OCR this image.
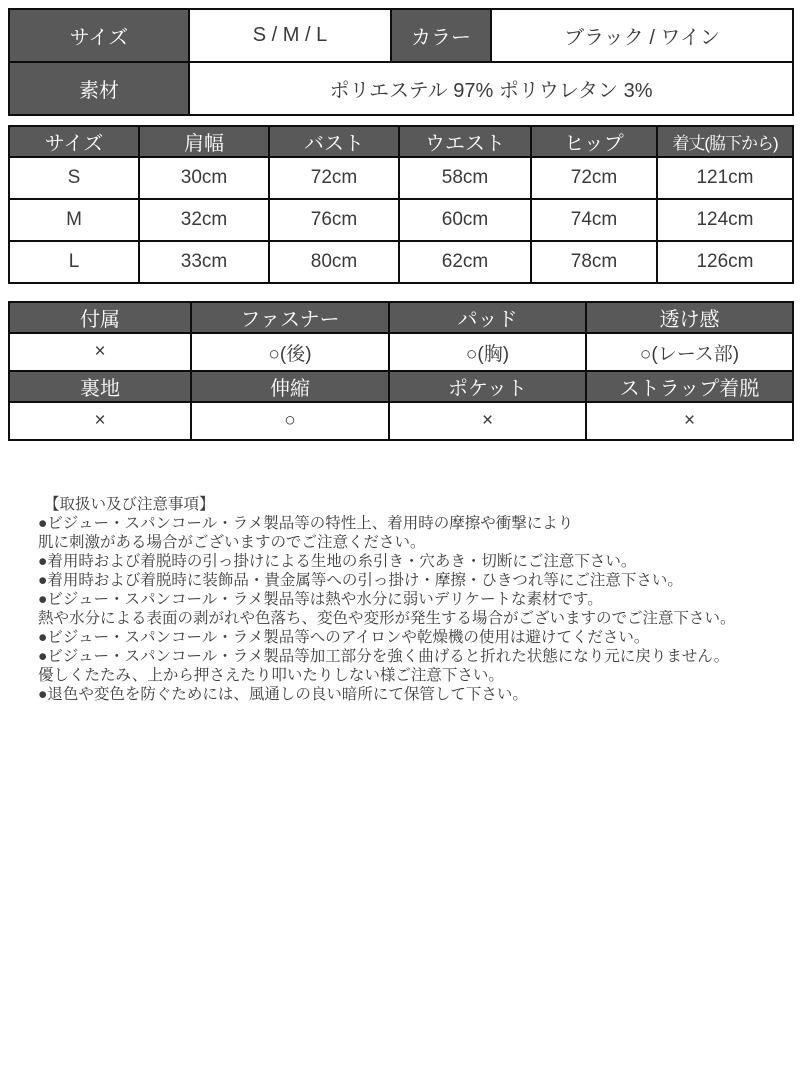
サイズ	S / M / L	カラー	ブラック / ワイン
素材	ポリエステル 97% ポリウレタン 3%		
サイズ	肩幅	バスト	ウエスト	ヒップ	着丈(脇下から)
S	30cm	72cm	58cm	72cm	121cm
M	32cm	76cm	60cm	74cm	124cm
L	33cm	80cm	62cm	78cm	126cm
付属	ファスナー	パッド	透け感
×	○(後)	○(胸)	○(レース部)
裏地	伸縮	ポケット	ストラップ着脱
×	○	×	×
【取扱い及び注意事項】
●ビジュー・スパンコール・ラメ製品等の特性上、着用時の摩擦や衝撃により
肌に刺激がある場合がございますのでご注意ください。
●着用時および着脱時の引っ掛けによる生地の糸引き・穴あき・切断にご注意下さい。
●着用時および着脱時に装飾品・貴金属等への引っ掛け・摩擦・ひきつれ等にご注意下さい。
●ビジュー・スパンコール・ラメ製品等は熱や水分に弱いデリケートな素材です。
熱や水分による表面の剥がれや色落ち、変色や変形が発生する場合がございますのでご注意下さい。
●ビジュー・スパンコール・ラメ製品等へのアイロンや乾燥機の使用は避けてください。
●ビジュー・スパンコール・ラメ製品等加工部分を強く曲げると折れた状態になり元に戻りません。
優しくたたみ、上から押さえたり叩いたりしない様ご注意下さい。
●退色や変色を防ぐためには、風通しの良い暗所にて保管して下さい。
